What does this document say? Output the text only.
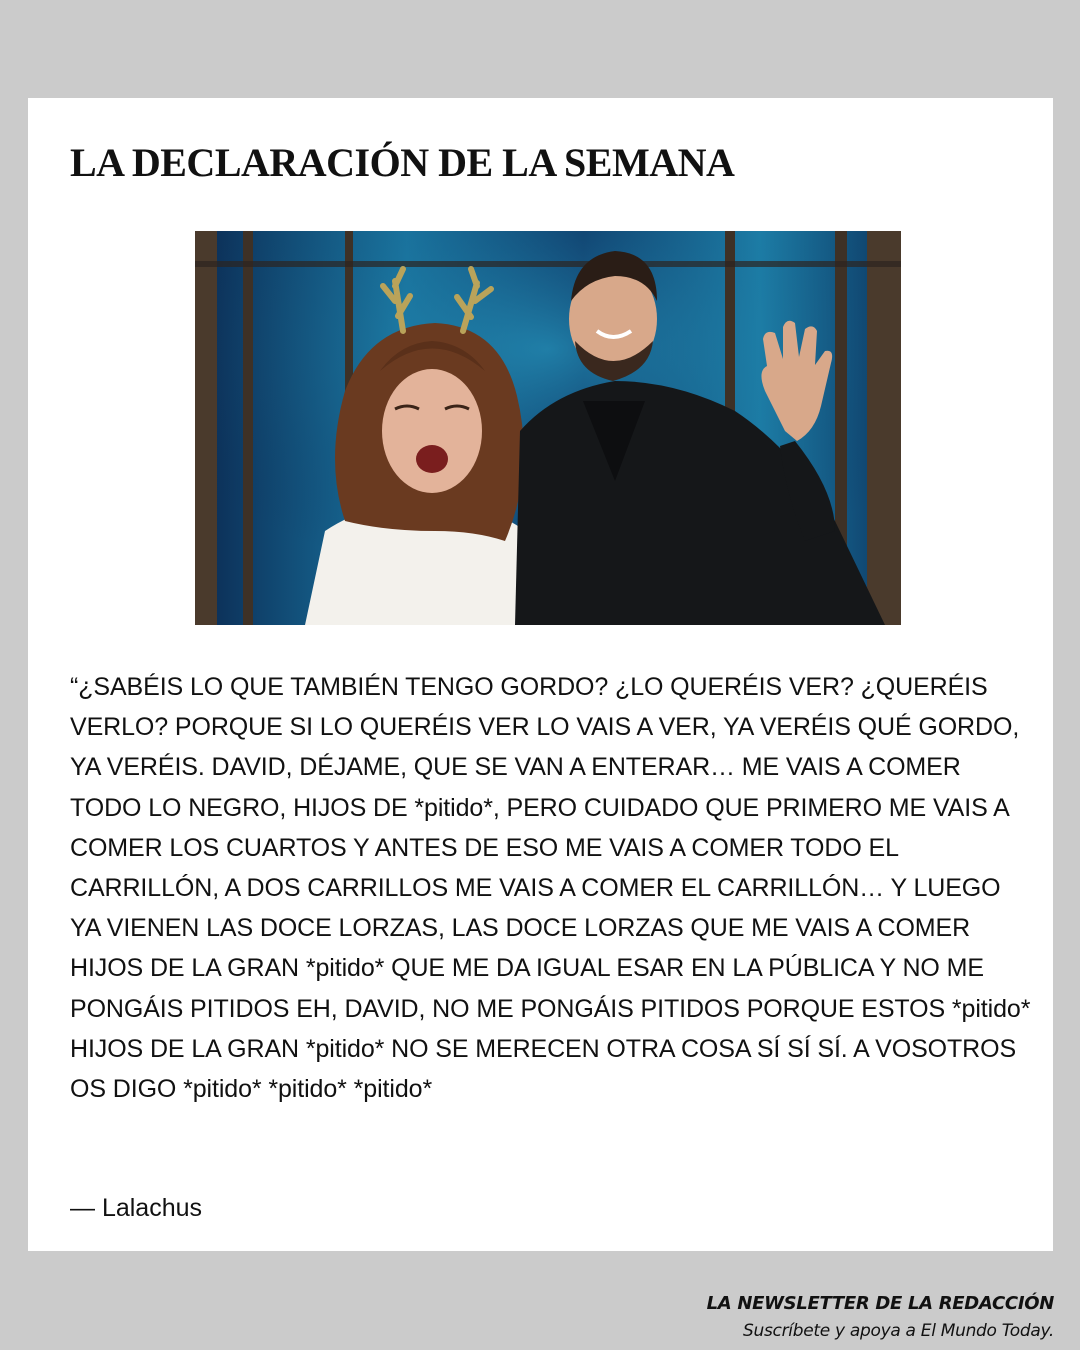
LA DECLARACIÓN DE LA SEMANA

“¿SABÉIS LO QUE TAMBIÉN TENGO GORDO? ¿LO QUERÉIS VER? ¿QUERÉIS VERLO? PORQUE SI LO QUERÉIS VER LO VAIS A VER, YA VERÉIS QUÉ GORDO, YA VERÉIS. DAVID, DÉJAME, QUE SE VAN A ENTERAR… ME VAIS A COMER TODO LO NEGRO, HIJOS DE *pitido*, PERO CUIDADO QUE PRIMERO ME VAIS A COMER LOS CUARTOS Y ANTES DE ESO ME VAIS A COMER TODO EL CARRILLÓN, A DOS CARRILLOS ME VAIS A COMER EL CARRILLÓN… Y LUEGO YA VIENEN LAS DOCE LORZAS, LAS DOCE LORZAS QUE ME VAIS A COMER HIJOS DE LA GRAN *pitido* QUE ME DA IGUAL ESAR EN LA PÚBLICA Y NO ME PONGÁIS PITIDOS EH, DAVID, NO ME PONGÁIS PITIDOS PORQUE ESTOS *pitido* HIJOS DE LA GRAN *pitido* NO SE MERECEN OTRA COSA SÍ SÍ SÍ. A VOSOTROS OS DIGO *pitido* *pitido* *pitido*

— Lalachus
LA NEWSLETTER DE LA REDACCIÓN
Suscríbete y apoya a El Mundo Today.
